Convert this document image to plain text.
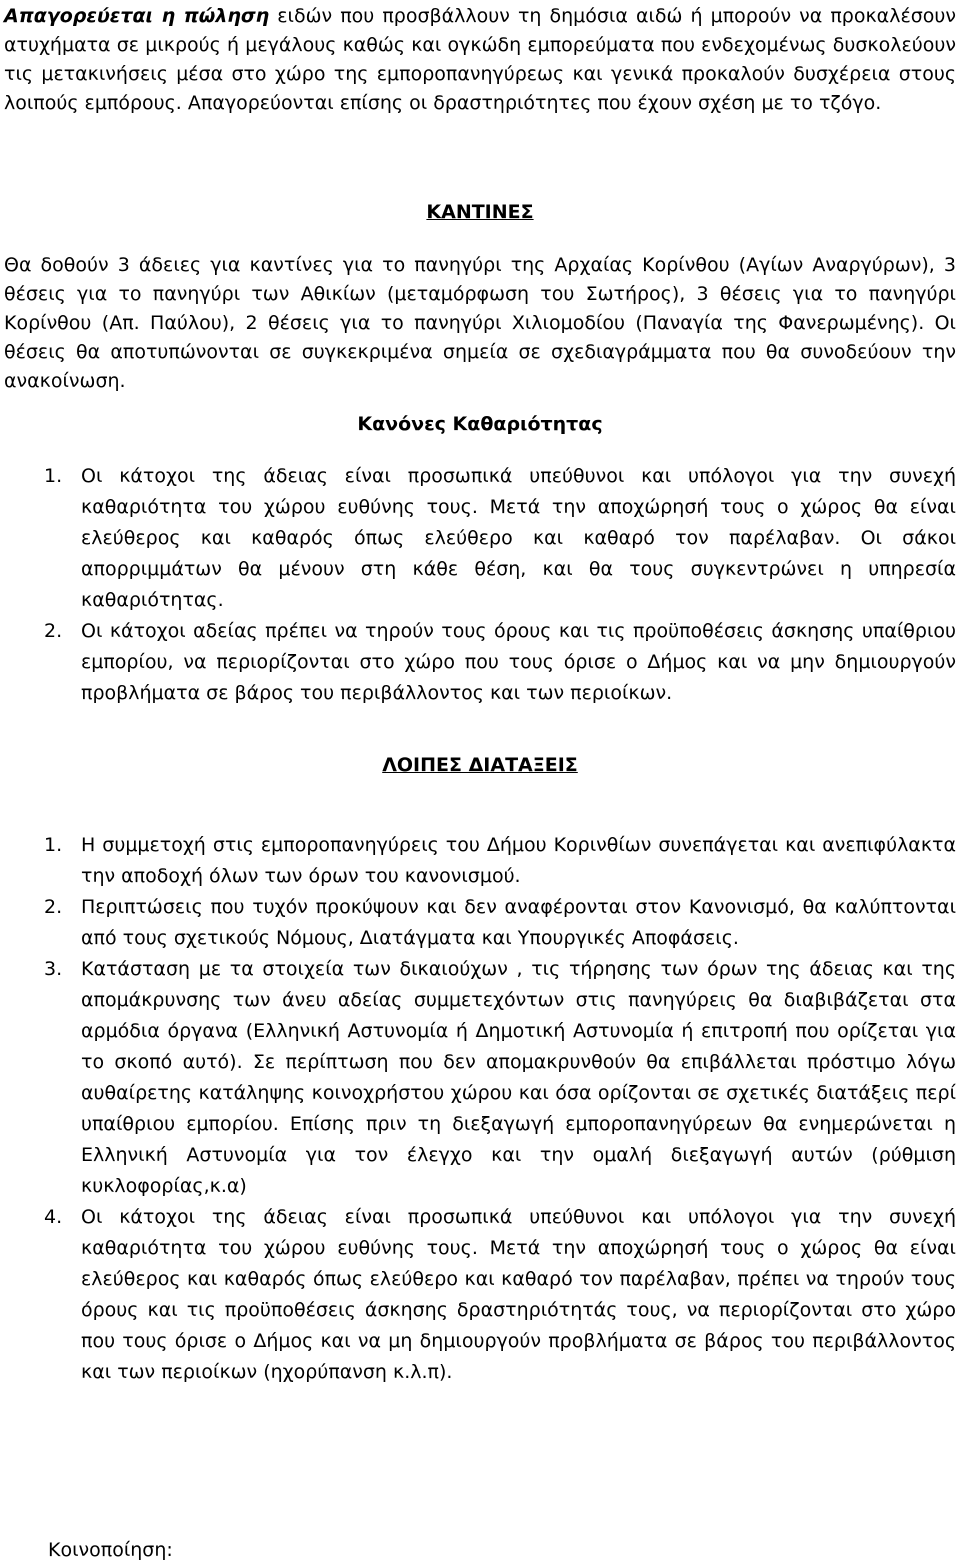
Απαγορεύεται η πώληση ειδών που προσβάλλουν τη δημόσια αιδώ ή μπορούν να προκαλέσουν ατυχήματα σε μικρούς ή μεγάλους καθώς και ογκώδη εμπορεύματα που ενδεχομένως δυσκολεύουν τις μετακινήσεις μέσα στο χώρο της εμποροπανηγύρεως και γενικά προκαλούν δυσχέρεια στους λοιπούς εμπόρους. Απαγορεύονται επίσης οι δραστηριότητες που έχουν σχέση με το τζόγο.

ΚΑΝΤΙΝΕΣ

Θα δοθούν 3 άδειες για καντίνες για το πανηγύρι της Αρχαίας Κορίνθου (Αγίων Αναργύρων), 3 θέσεις για το πανηγύρι των Αθικίων (μεταμόρφωση του Σωτήρος), 3 θέσεις για το πανηγύρι Κορίνθου (Απ. Παύλου), 2 θέσεις για το πανηγύρι Χιλιομοδίου (Παναγία της Φανερωμένης). Οι θέσεις θα αποτυπώνονται σε συγκεκριμένα σημεία σε σχεδιαγράμματα που θα συνοδεύουν την ανακοίνωση.

Κανόνες Καθαριότητας
1. Οι κάτοχοι της άδειας είναι προσωπικά υπεύθυνοι και υπόλογοι για την συνεχή καθαριότητα του χώρου ευθύνης τους. Μετά την αποχώρησή τους ο χώρος θα είναι ελεύθερος και καθαρός όπως ελεύθερο και καθαρό τον παρέλαβαν. Οι σάκοι απορριμμάτων θα μένουν στη κάθε θέση, και θα τους συγκεντρώνει η υπηρεσία καθαριότητας.
2. Οι κάτοχοι αδείας πρέπει να τηρούν τους όρους και τις προϋποθέσεις άσκησης υπαίθριου εμπορίου, να περιορίζονται στο χώρο που τους όρισε ο Δήμος και να μην δημιουργούν προβλήματα σε βάρος του περιβάλλοντος και των περιοίκων.
ΛΟΙΠΕΣ ΔΙΑΤΑΞΕΙΣ
1. Η συμμετοχή στις εμποροπανηγύρεις του Δήμου Κορινθίων συνεπάγεται και ανεπιφύλακτα την αποδοχή όλων των όρων του κανονισμού.
2. Περιπτώσεις που τυχόν προκύψουν και δεν αναφέρονται στον Κανονισμό, θα καλύπτονται από τους σχετικούς Νόμους, Διατάγματα και Υπουργικές Αποφάσεις.
3. Κατάσταση με τα στοιχεία των δικαιούχων , τις τήρησης των όρων της άδειας και της απομάκρυνσης των άνευ αδείας συμμετεχόντων στις πανηγύρεις θα διαβιβάζεται στα αρμόδια όργανα (Ελληνική Αστυνομία ή Δημοτική Αστυνομία ή επιτροπή που ορίζεται για το σκοπό αυτό). Σε περίπτωση που δεν απομακρυνθούν θα επιβάλλεται πρόστιμο λόγω αυθαίρετης κατάληψης κοινοχρήστου χώρου και όσα ορίζονται σε σχετικές διατάξεις περί υπαίθριου εμπορίου. Επίσης πριν τη διεξαγωγή εμποροπανηγύρεων θα ενημερώνεται η Ελληνική Αστυνομία για τον έλεγχο και την ομαλή διεξαγωγή αυτών (ρύθμιση κυκλοφορίας,κ.α)
4. Οι κάτοχοι της άδειας είναι προσωπικά υπεύθυνοι και υπόλογοι για την συνεχή καθαριότητα του χώρου ευθύνης τους. Μετά την αποχώρησή τους ο χώρος θα είναι ελεύθερος και καθαρός όπως ελεύθερο και καθαρό τον παρέλαβαν, πρέπει να τηρούν τους όρους και τις προϋποθέσεις άσκησης δραστηριότητάς τους, να περιορίζονται στο χώρο που τους όρισε ο Δήμος και να μη δημιουργούν προβλήματα σε βάρος του περιβάλλοντος και των περιοίκων (ηχορύπανση κ.λ.π).
Κοινοποίηση:
